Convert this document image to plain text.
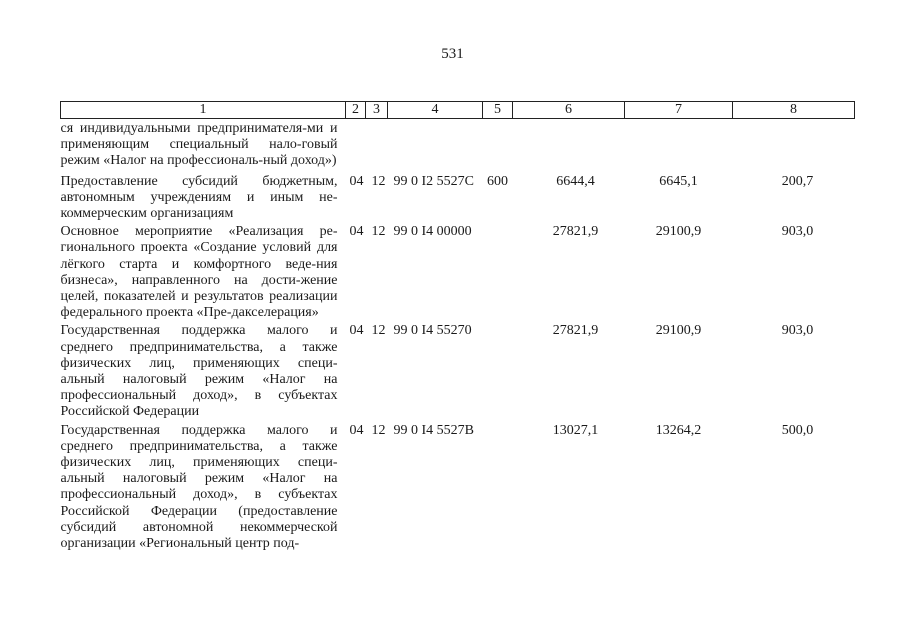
531
1	2	3	4	5	6	7	8
ся индивидуальными предпринимателя-ми и применяющим специальный нало-говый режим «Налог на профессиональ-ный доход»)							
Предоставление субсидий бюджетным, автономным учреждениям и иным не-коммерческим организациям	04	12	99 0 I2 5527С	600	6644,4	6645,1	200,7
Основное мероприятие «Реализация ре-гионального проекта «Создание условий для лёгкого старта и комфортного веде-ния бизнеса», направленного на дости-жение целей, показателей и результатов реализации федерального проекта «Пре-дакселерация»	04	12	99 0 I4 00000		27821,9	29100,9	903,0
Государственная поддержка малого и среднего предпринимательства, а также физических лиц, применяющих специ-альный налоговый режим «Налог на профессиональный доход», в субъектах Российской Федерации	04	12	99 0 I4 55270		27821,9	29100,9	903,0
Государственная поддержка малого и среднего предпринимательства, а также физических лиц, применяющих специ-альный налоговый режим «Налог на профессиональный доход», в субъектах Российской Федерации (предоставление субсидий автономной некоммерческой организации «Региональный центр под-	04	12	99 0 I4 5527В		13027,1	13264,2	500,0
